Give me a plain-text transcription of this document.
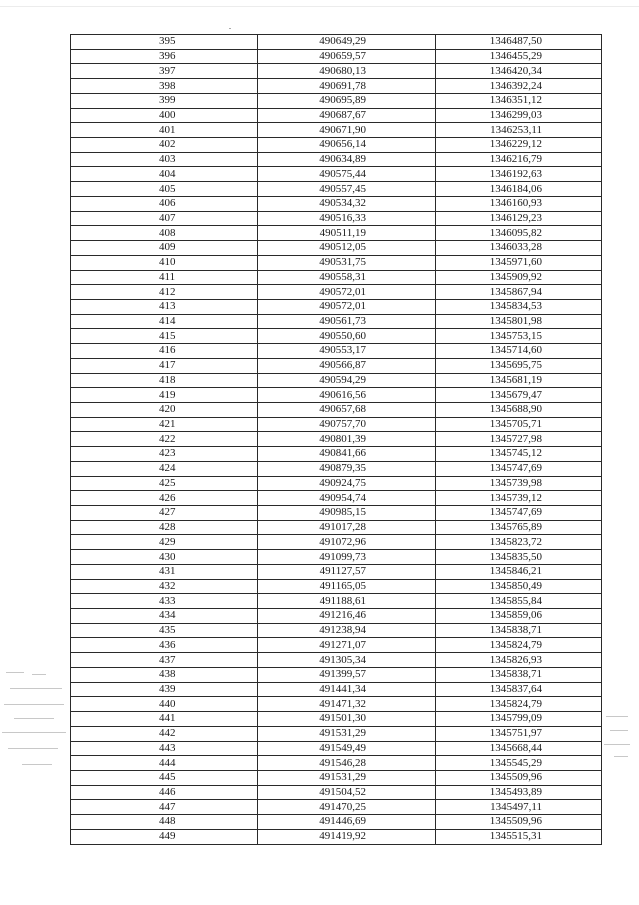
395	490649,29	1346487,50
396	490659,57	1346455,29
397	490680,13	1346420,34
398	490691,78	1346392,24
399	490695,89	1346351,12
400	490687,67	1346299,03
401	490671,90	1346253,11
402	490656,14	1346229,12
403	490634,89	1346216,79
404	490575,44	1346192,63
405	490557,45	1346184,06
406	490534,32	1346160,93
407	490516,33	1346129,23
408	490511,19	1346095,82
409	490512,05	1346033,28
410	490531,75	1345971,60
411	490558,31	1345909,92
412	490572,01	1345867,94
413	490572,01	1345834,53
414	490561,73	1345801,98
415	490550,60	1345753,15
416	490553,17	1345714,60
417	490566,87	1345695,75
418	490594,29	1345681,19
419	490616,56	1345679,47
420	490657,68	1345688,90
421	490757,70	1345705,71
422	490801,39	1345727,98
423	490841,66	1345745,12
424	490879,35	1345747,69
425	490924,75	1345739,98
426	490954,74	1345739,12
427	490985,15	1345747,69
428	491017,28	1345765,89
429	491072,96	1345823,72
430	491099,73	1345835,50
431	491127,57	1345846,21
432	491165,05	1345850,49
433	491188,61	1345855,84
434	491216,46	1345859,06
435	491238,94	1345838,71
436	491271,07	1345824,79
437	491305,34	1345826,93
438	491399,57	1345838,71
439	491441,34	1345837,64
440	491471,32	1345824,79
441	491501,30	1345799,09
442	491531,29	1345751,97
443	491549,49	1345668,44
444	491546,28	1345545,29
445	491531,29	1345509,96
446	491504,52	1345493,89
447	491470,25	1345497,11
448	491446,69	1345509,96
449	491419,92	1345515,31
